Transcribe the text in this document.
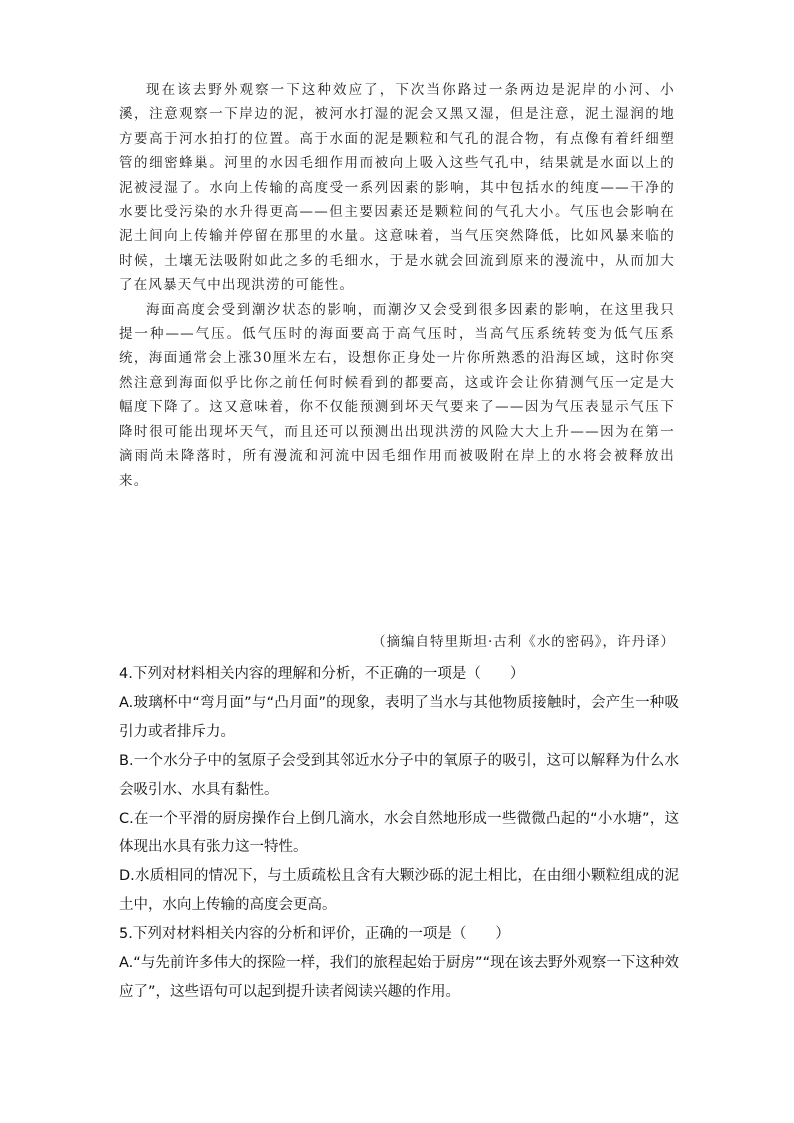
现在该去野外观察一下这种效应了，下次当你路过一条两边是泥岸的小河、小溪，注意观察一下岸边的泥，被河水打湿的泥会又黑又湿，但是注意，泥土湿润的地方要高于河水拍打的位置。高于水面的泥是颗粒和气孔的混合物，有点像有着纤细塑管的细密蜂巢。河里的水因毛细作用而被向上吸入这些气孔中，结果就是水面以上的泥被浸湿了。水向上传输的高度受一系列因素的影响，其中包括水的纯度——干净的水要比受污染的水升得更高——但主要因素还是颗粒间的气孔大小。气压也会影响在泥土间向上传输并停留在那里的水量。这意味着，当气压突然降低，比如风暴来临的时候，土壤无法吸附如此之多的毛细水，于是水就会回流到原来的漫流中，从而加大了在风暴天气中出现洪涝的可能性。

海面高度会受到潮汐状态的影响，而潮汐又会受到很多因素的影响，在这里我只提一种——气压。低气压时的海面要高于高气压时，当高气压系统转变为低气压系统，海面通常会上涨30厘米左右，设想你正身处一片你所熟悉的沿海区域，这时你突然注意到海面似乎比你之前任何时候看到的都要高，这或许会让你猜测气压一定是大幅度下降了。这又意味着，你不仅能预测到坏天气要来了——因为气压表显示气压下降时很可能出现坏天气，而且还可以预测出出现洪涝的风险大大上升——因为在第一滴雨尚未降落时，所有漫流和河流中因毛细作用而被吸附在岸上的水将会被释放出来。

（摘编自特里斯坦·古利《水的密码》，许丹译）
4.下列对材料相关内容的理解和分析，不正确的一项是（　　）
A.玻璃杯中“弯月面”与“凸月面”的现象，表明了当水与其他物质接触时，会产生一种吸引力或者排斥力。
B.一个水分子中的氢原子会受到其邻近水分子中的氧原子的吸引，这可以解释为什么水会吸引水、水具有黏性。
C.在一个平滑的厨房操作台上倒几滴水，水会自然地形成一些微微凸起的“小水塘”，这体现出水具有张力这一特性。
D.水质相同的情况下，与土质疏松且含有大颗沙砾的泥土相比，在由细小颗粒组成的泥土中，水向上传输的高度会更高。
5.下列对材料相关内容的分析和评价，正确的一项是（　　）
A.“与先前许多伟大的探险一样，我们的旅程起始于厨房”“现在该去野外观察一下这种效应了”，这些语句可以起到提升读者阅读兴趣的作用。
